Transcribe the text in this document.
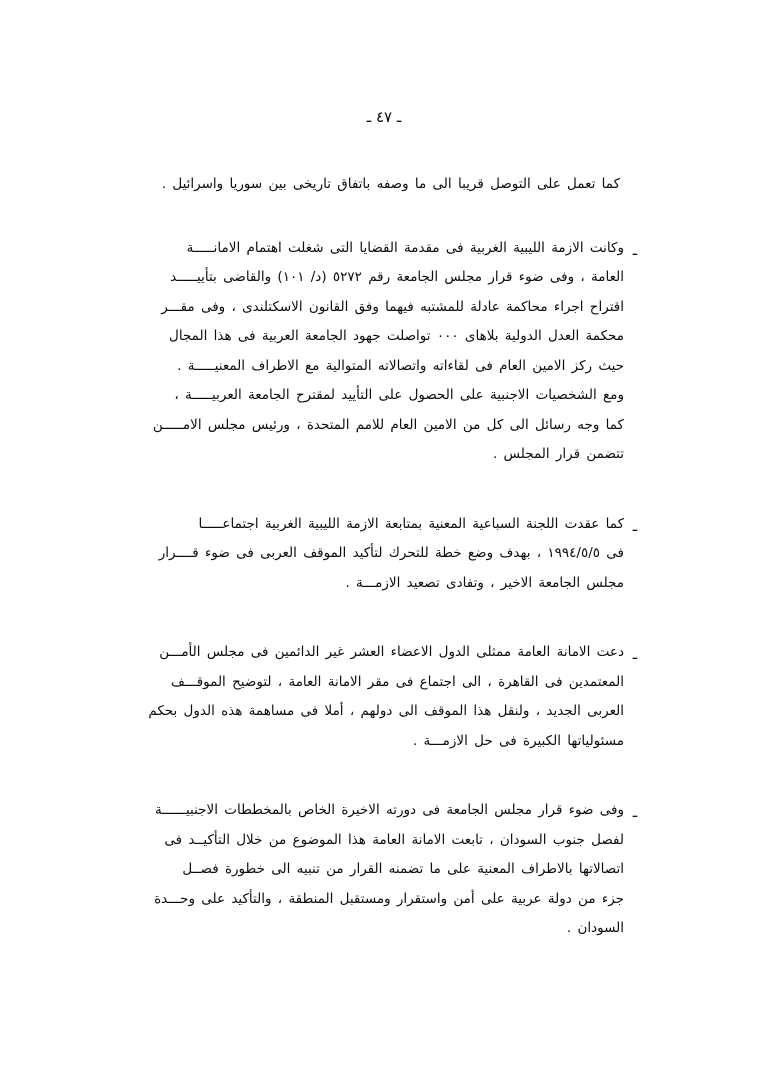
ـ ٤٧ ـ
كما تعمل على التوصل قريبا الى ما وصفه باتفاق تاريخى بين سوريا واسرائيل .
ـ
وكانت الازمة الليبية الغربية فى مقدمة القضايا التى شغلت اهتمام الامانـــــة
العامة ، وفى ضوء قرار مجلس الجامعة رقم ٥٢٧٢ (د/ ١٠١) والقاضى بتأييـــــد
اقتراح اجراء محاكمة عادلة للمشتبه فيهما وفق القانون الاسكتلندى ، وفى مقـــر
محكمة العدل الدولية بلاهاى ٠٠٠ تواصلت جهود الجامعة العربية فى هذا المجال
حيث ركز الامين العام فى لقاءاته واتصالاته المتوالية مع الاطراف المعنيـــــة .
ومع الشخصيات الاجنبية على الحصول على التأييد لمقترح الجامعة العربيـــــة ،
كما وجه رسائل الى كل من الامين العام للامم المتحدة ، ورئيس مجلس الامـــــن
تتضمن قرار المجلس .
ـ
كما عقدت اللجنة السباعية المعنية بمتابعة الازمة الليبية الغربية اجتماعـــــا
فى ١٩٩٤/٥/٥ ، بهدف وضع خطة للتحرك لتأكيد الموقف العربى فى ضوء قــــرار
مجلس الجامعة الاخير ، وتفادى تصعيد الازمـــة .
ـ
دعت الامانة العامة ممثلى الدول الاعضاء العشر غير الدائمين فى مجلس الأمـــن
المعتمدين فى القاهرة ، الى اجتماع فى مقر الامانة العامة ، لتوضيح الموقـــف
العربى الجديد ، ولنقل هذا الموقف الى دولهم ، أملا فى مساهمة هذه الدول بحكم
مسئولياتها الكبيرة فى حل الازمـــة .
ـ
وفى ضوء قرار مجلس الجامعة فى دورته الاخيرة الخاص بالمخططات الاجنبيــــــة
لفصل جنوب السودان ، تابعت الامانة العامة هذا الموضوع من خلال التأكيــد فى
اتصالاتها بالاطراف المعنية على ما تضمنه القرار من تنبيه الى خطورة فصــل
جزء من دولة عربية على أمن واستقرار ومستقبل المنطقة ، والتأكيد على وحـــدة
السودان .
